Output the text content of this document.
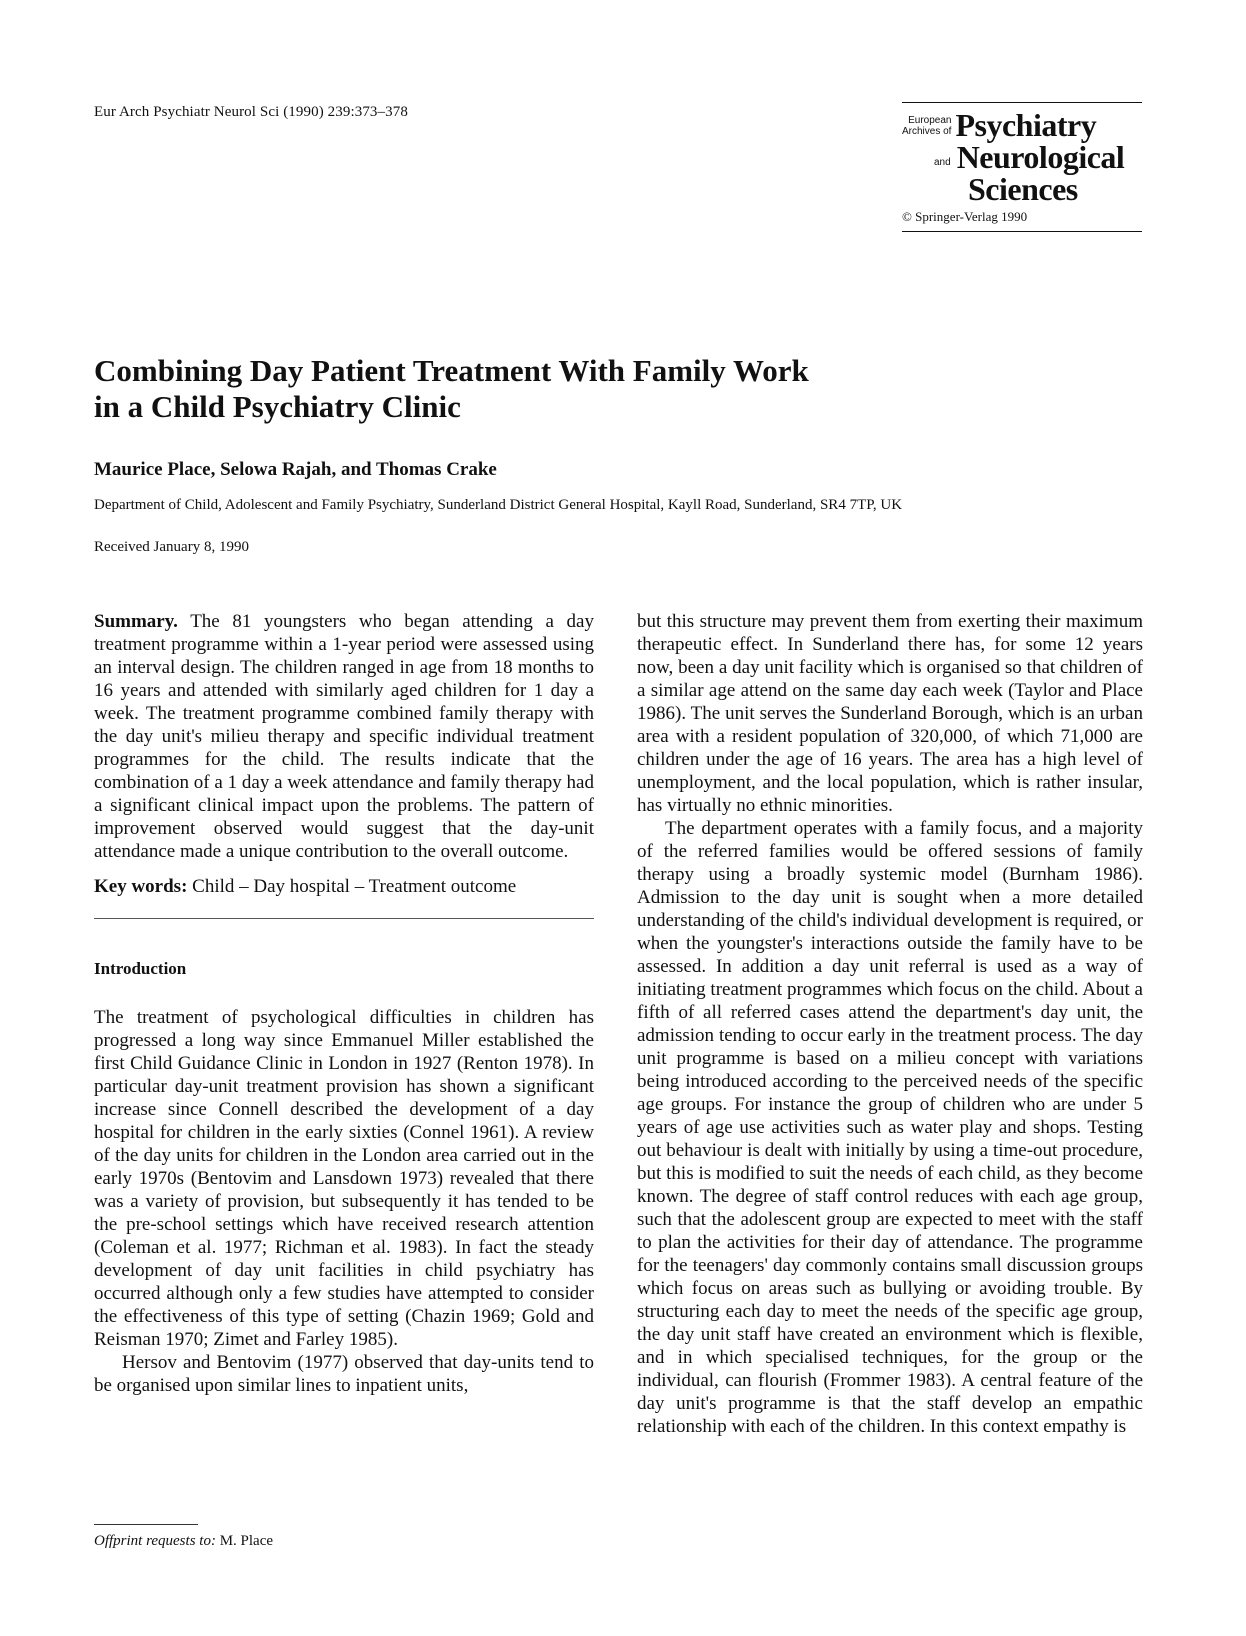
Eur Arch Psychiatr Neurol Sci (1990) 239:373–378
European
Archives of Psychiatry
and Neurological
Sciences
© Springer-Verlag 1990
Combining Day Patient Treatment With Family Work
in a Child Psychiatry Clinic
Maurice Place, Selowa Rajah, and Thomas Crake
Department of Child, Adolescent and Family Psychiatry, Sunderland District General Hospital, Kayll Road, Sunderland, SR4 7TP, UK
Received January 8, 1990

Summary. The 81 youngsters who began attending a day treatment programme within a 1-year period were assessed using an interval design. The children ranged in age from 18 months to 16 years and attended with similarly aged children for 1 day a week. The treatment programme combined family therapy with the day unit's milieu therapy and specific individual treatment programmes for the child. The results indicate that the combination of a 1 day a week attendance and family therapy had a significant clinical impact upon the problems. The pattern of improvement observed would suggest that the day-unit attendance made a unique contribution to the overall outcome.

Key words: Child – Day hospital – Treatment outcome

Introduction

The treatment of psychological difficulties in children has progressed a long way since Emmanuel Miller established the first Child Guidance Clinic in London in 1927 (Renton 1978). In particular day-unit treatment provision has shown a significant increase since Connell described the development of a day hospital for children in the early sixties (Connel 1961). A review of the day units for children in the London area carried out in the early 1970s (Bentovim and Lansdown 1973) revealed that there was a variety of provision, but subsequently it has tended to be the pre-school settings which have received research attention (Coleman et al. 1977; Richman et al. 1983). In fact the steady development of day unit facilities in child psychiatry has occurred although only a few studies have attempted to consider the effectiveness of this type of setting (Chazin 1969; Gold and Reisman 1970; Zimet and Farley 1985).

Hersov and Bentovim (1977) observed that day-units tend to be organised upon similar lines to inpatient units,

but this structure may prevent them from exerting their maximum therapeutic effect. In Sunderland there has, for some 12 years now, been a day unit facility which is organised so that children of a similar age attend on the same day each week (Taylor and Place 1986). The unit serves the Sunderland Borough, which is an urban area with a resident population of 320,000, of which 71,000 are children under the age of 16 years. The area has a high level of unemployment, and the local population, which is rather insular, has virtually no ethnic minorities.

The department operates with a family focus, and a majority of the referred families would be offered sessions of family therapy using a broadly systemic model (Burnham 1986). Admission to the day unit is sought when a more detailed understanding of the child's individual development is required, or when the youngster's interactions outside the family have to be assessed. In addition a day unit referral is used as a way of initiating treatment programmes which focus on the child. About a fifth of all referred cases attend the department's day unit, the admission tending to occur early in the treatment process. The day unit programme is based on a milieu concept with variations being introduced according to the perceived needs of the specific age groups. For instance the group of children who are under 5 years of age use activities such as water play and shops. Testing out behaviour is dealt with initially by using a time-out procedure, but this is modified to suit the needs of each child, as they become known. The degree of staff control reduces with each age group, such that the adolescent group are expected to meet with the staff to plan the activities for their day of attendance. The programme for the teenagers' day commonly contains small discussion groups which focus on areas such as bullying or avoiding trouble. By structuring each day to meet the needs of the specific age group, the day unit staff have created an environment which is flexible, and in which specialised techniques, for the group or the individual, can flourish (Frommer 1983). A central feature of the day unit's programme is that the staff develop an empathic relationship with each of the children. In this context empathy is

Offprint requests to: M. Place
